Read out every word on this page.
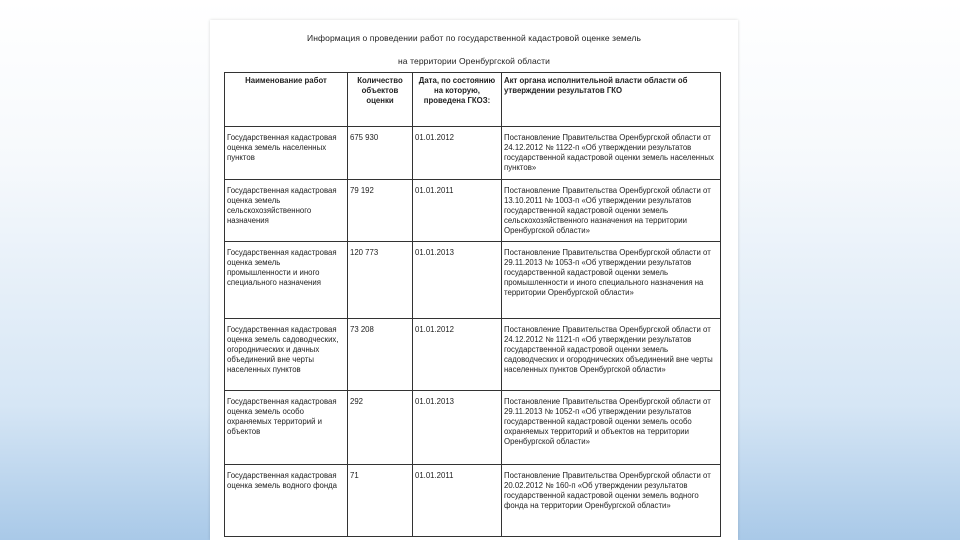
Информация о проведении работ по государственной кадастровой оценке земель
на территории Оренбургской области
Наименование работ	Количество объектов оценки	Дата, по состоянию на которую, проведена ГКОЗ:	Акт органа исполнительной власти области об утверждении результатов ГКО
Государственная кадастровая оценка земель населенных пунктов	675 930	01.01.2012	Постановление Правительства Оренбургской области от 24.12.2012 № 1122-п «Об утверждении результатов государственной кадастровой оценки земель населенных пунктов»
Государственная кадастровая оценка земель сельскохозяйственного назначения	79 192	01.01.2011	Постановление Правительства Оренбургской области от 13.10.2011 № 1003-п «Об утверждении результатов государственной кадастровой оценки земель сельскохозяйственного назначения на территории Оренбургской области»
Государственная кадастровая оценка земель промышленности и иного специального назначения	120 773	01.01.2013	Постановление Правительства Оренбургской области от 29.11.2013 № 1053-п «Об утверждении результатов государственной кадастровой оценки земель промышленности и иного специального назначения на территории Оренбургской области»
Государственная кадастровая оценка земель садоводческих, огороднических и дачных объединений вне черты населенных пунктов	73 208	01.01.2012	Постановление Правительства Оренбургской области от 24.12.2012 № 1121-п «Об утверждении результатов государственной кадастровой оценки земель садоводческих и огороднических объединений вне черты населенных пунктов Оренбургской области»
Государственная кадастровая оценка земель особо охраняемых территорий и объектов	292	01.01.2013	Постановление Правительства Оренбургской области от 29.11.2013 № 1052-п «Об утверждении результатов государственной кадастровой оценки земель особо охраняемых территорий и объектов на территории Оренбургской области»
Государственная кадастровая оценка земель водного фонда	71	01.01.2011	Постановление Правительства Оренбургской области от 20.02.2012 № 160-п «Об утверждении результатов государственной кадастровой оценки земель водного фонда на территории Оренбургской области»
